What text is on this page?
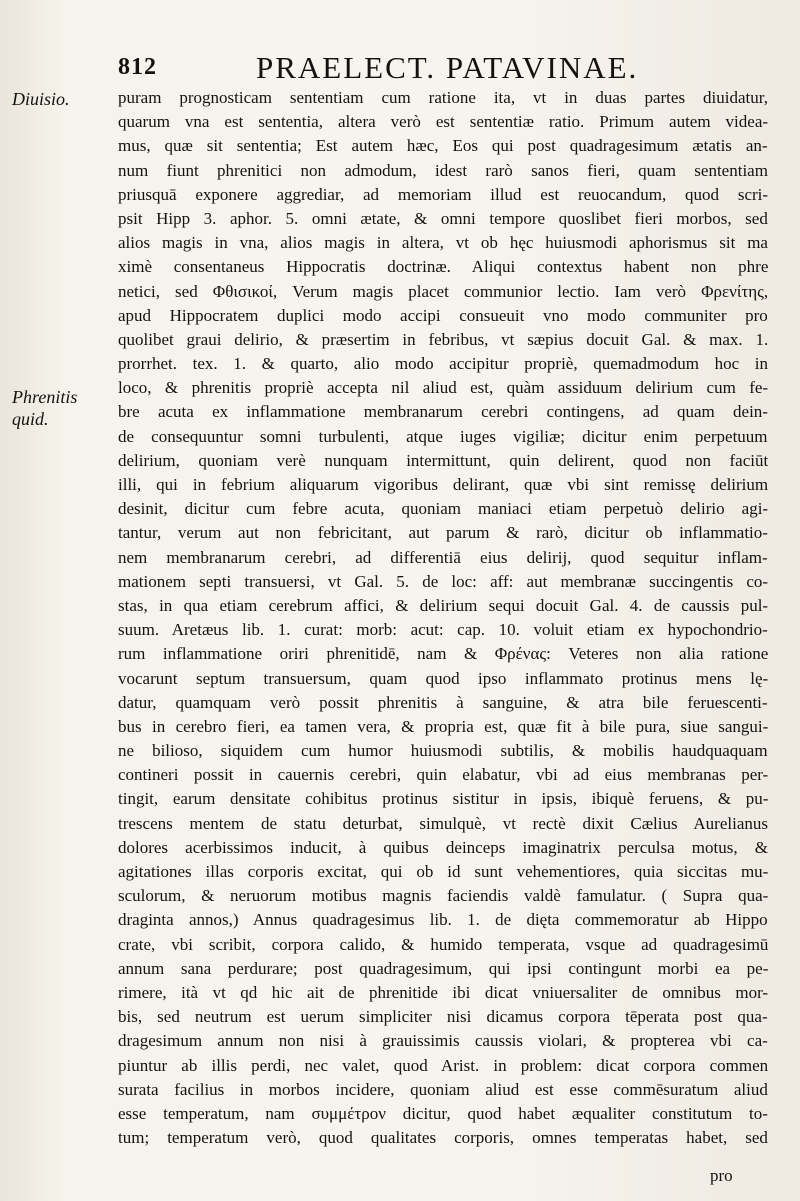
812	PRAELECT. PATAVINAE.
Diuisio.
Phrenitis
quid.
puram prognosticam sententiam cum ratione ita, vt in duas partes diuidatur,
quarum vna est sententia, altera verò est sententiæ ratio. Primum autem videa-
mus, quæ sit sententia; Est autem hæc, Eos qui post quadragesimum ætatis an-
num fiunt phrenitici non admodum, idest rarò sanos fieri, quam sententiam
priusquā exponere aggrediar, ad memoriam illud est reuocandum, quod scri-
psit Hipp 3. aphor. 5. omni ætate, & omni tempore quoslibet fieri morbos, sed
alios magis in vna, alios magis in altera, vt ob hęc huiusmodi aphorismus sit ma
ximè consentaneus Hippocratis doctrinæ. Aliqui contextus habent non phre
netici, sed Φθισικοί, Verum magis placet communior lectio. Iam verò Φρενίτης,
apud Hippocratem duplici modo accipi consueuit vno modo communiter pro
quolibet graui delirio, & præsertim in febribus, vt sæpius docuit Gal. & max. 1.
prorrhet. tex. 1. & quarto, alio modo accipitur propriè, quemadmodum hoc in
loco, & phrenitis propriè accepta nil aliud est, quàm assiduum delirium cum fe-
bre acuta ex inflammatione membranarum cerebri contingens, ad quam dein-
de consequuntur somni turbulenti, atque iuges vigiliæ; dicitur enim perpetuum
delirium, quoniam verè nunquam intermittunt, quin delirent, quod non faciūt
illi, qui in febrium aliquarum vigoribus delirant, quæ vbi sint remissę delirium
desinit, dicitur cum febre acuta, quoniam maniaci etiam perpetuò delirio agi-
tantur, verum aut non febricitant, aut parum & rarò, dicitur ob inflammatio-
nem membranarum cerebri, ad differentiā eius delirij, quod sequitur inflam-
mationem septi transuersi, vt Gal. 5. de loc: aff: aut membranæ succingentis co-
stas, in qua etiam cerebrum affici, & delirium sequi docuit Gal. 4. de caussis pul-
suum. Aretæus lib. 1. curat: morb: acut: cap. 10. voluit etiam ex hypochondrio-
rum inflammatione oriri phrenitidē, nam & Φρένας: Veteres non alia ratione
vocarunt septum transuersum, quam quod ipso inflammato protinus mens lę-
datur, quamquam verò possit phrenitis à sanguine, & atra bile feruescenti-
bus in cerebro fieri, ea tamen vera, & propria est, quæ fit à bile pura, siue sangui-
ne bilioso, siquidem cum humor huiusmodi subtilis, & mobilis haudquaquam
contineri possit in cauernis cerebri, quin elabatur, vbi ad eius membranas per-
tingit, earum densitate cohibitus protinus sistitur in ipsis, ibiquè feruens, & pu-
trescens mentem de statu deturbat, simulquè, vt rectè dixit Cælius Aurelianus
dolores acerbissimos inducit, à quibus deinceps imaginatrix perculsa motus, &
agitationes illas corporis excitat, qui ob id sunt vehementiores, quia siccitas mu-
sculorum, & neruorum motibus magnis faciendis valdè famulatur. ( Supra qua-
draginta annos,) Annus quadragesimus lib. 1. de dięta commemoratur ab Hippo
crate, vbi scribit, corpora calido, & humido temperata, vsque ad quadragesimū
annum sana perdurare; post quadragesimum, qui ipsi contingunt morbi ea pe-
rimere, ità vt qd hic ait de phrenitide ibi dicat vniuersaliter de omnibus mor-
bis, sed neutrum est uerum simpliciter nisi dicamus corpora tēperata post qua-
dragesimum annum non nisi à grauissimis caussis violari, & propterea vbi ca-
piuntur ab illis perdi, nec valet, quod Arist. in problem: dicat corpora commen
surata facilius in morbos incidere, quoniam aliud est esse commēsuratum aliud
esse temperatum, nam συμμέτρον dicitur, quod habet æqualiter constitutum to-
tum; temperatum verò, quod qualitates corporis, omnes temperatas habet, sed
pro
